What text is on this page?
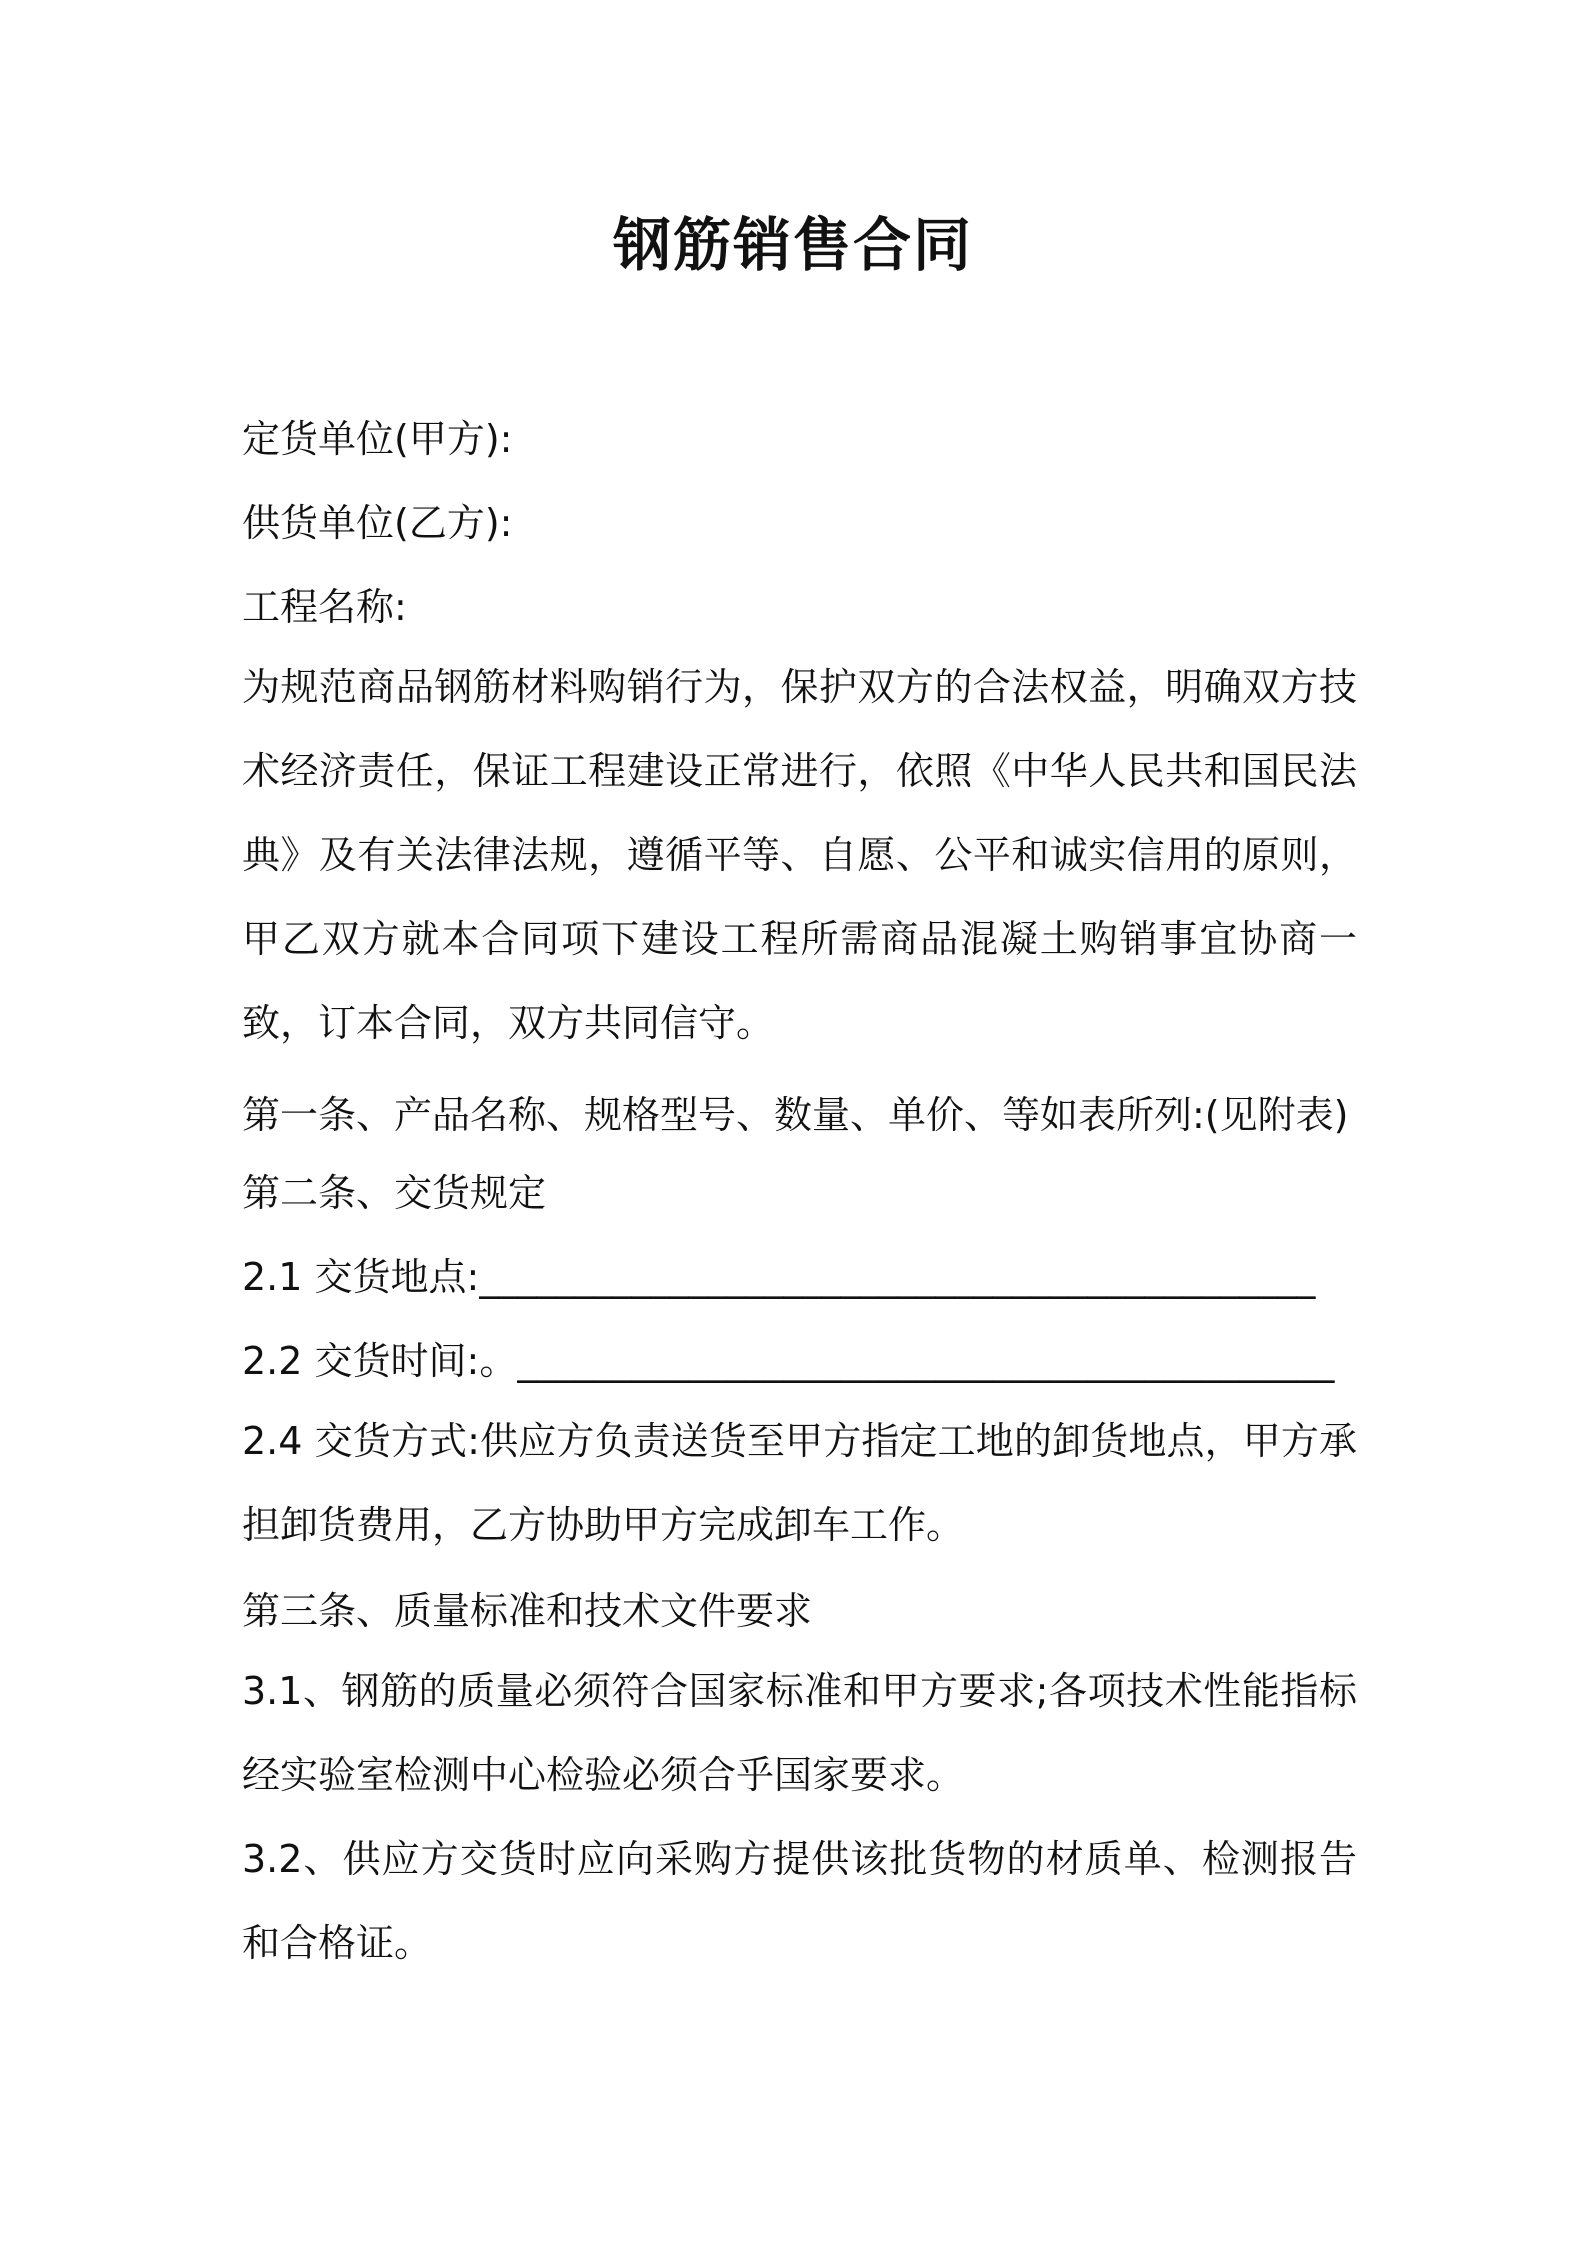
钢筋销售合同
定货单位(甲方):
供货单位(乙方):
工程名称:

为规范商品钢筋材料购销行为，保护双方的合法权益，明确双方技术经济责任，保证工程建设正常进行，依照《中华人民共和国民法典》及有关法律法规，遵循平等、自愿、公平和诚实信用的原则，甲乙双方就本合同项下建设工程所需商品混凝土购销事宜协商一致，订本合同，双方共同信守。

第一条、产品名称、规格型号、数量、单价、等如表所列:(见附表)
第二条、交货规定
2.1 交货地点:____________________________________________
2.2 交货时间:。___________________________________________

2.4 交货方式:供应方负责送货至甲方指定工地的卸货地点，甲方承担卸货费用，乙方协助甲方完成卸车工作。

第三条、质量标准和技术文件要求

3.1、钢筋的质量必须符合国家标准和甲方要求;各项技术性能指标经实验室检测中心检验必须合乎国家要求。

3.2、供应方交货时应向采购方提供该批货物的材质单、检测报告和合格证。
